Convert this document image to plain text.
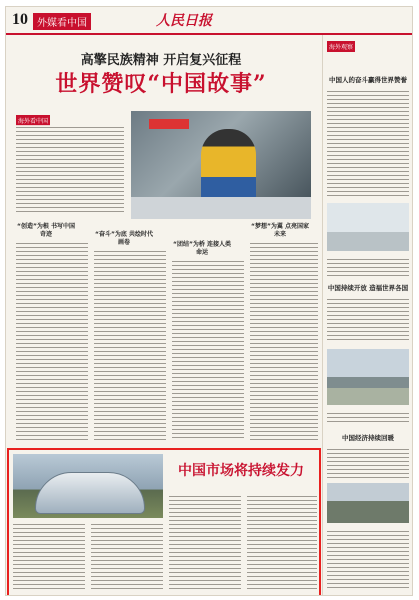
10 外媒看中国	人民日报
高擎民族精神 开启复兴征程
世界赞叹“中国故事”
海外看中国
“创造”为根 书写中国奇迹	“奋斗”为底 共绘时代画卷	“团结”为桥 连接人类命运
“梦想”为翼 点亮国家未来
海外观察
中国人的奋斗赢得世界赞誉
中国持续开放 造福世界各国
中国经济持续回暖
中国市场将持续发力
